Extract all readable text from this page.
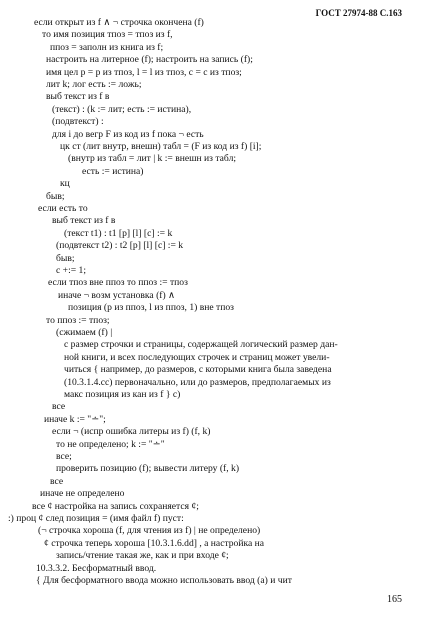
ГОСТ 27974-88 С.163
если открыт из f ∧ ¬ строчка окончена (f)
то имя позиция тпоз = тпоз из f,
ппоз = заполн из книга из f;
настроить на литерное (f); настроить на запись (f);
имя цел р = р из тпоз, l = l из тпоз, с = с из тпоз;
лит k; лог есть := ложь;
выб текст из f в
(текст) : (k := лит; есть := истина),
(подвтекст) :
для i до вегр F из код из f пока ¬ есть
цк ст (лит внутр, внешн) табл = (F из код из f) [i];
(внутр из табл = лит | k := внешн из табл;
есть := истина)
кц
быв;
если есть то
выб текст из f в
(текст t1) : t1 [р] [l] [с] := k
(подвтекст t2) : t2 [р] [l] [с] := k
быв;
с +:= 1;
если тпоз вне ппоз то ппоз := тпоз
иначе ¬ возм установка (f) ∧
позиция (р из ппоз, l из ппоз, 1) вне тпоз
то ппоз := тпоз;
(сжимаем (f) |
с размер строчки и страницы, содержащей логический размер дан-
ной книги, и всех последующих строчек и страниц может увели-
читься { например, до размеров, с которыми книга была заведена
(10.3.1.4.сс) первоначально, или до размеров, предполагаемых из
макс позиция из кан из f } с)
все
иначе k := "∸";
если ¬ (испр ошибка литеры из f) (f, k)
то не определено; k := "∸"
все;
проверить позицию (f); вывести литеру (f, k)
все
иначе не определено
все ¢ настройка на запись сохраняется ¢;
:) проц ¢ след позиция = (имя файл f) пуст:
(¬ строчка хороша (f, для чтения из f) | не определено)
¢ строчка теперь хороша [10.3.1.6.dd] , а настройка на
запись/чтение такая же, как и при входе ¢;
10.3.3.2. Бесформатный ввод.
{ Для бесформатного ввода можно использовать ввод (а) и чит
165
